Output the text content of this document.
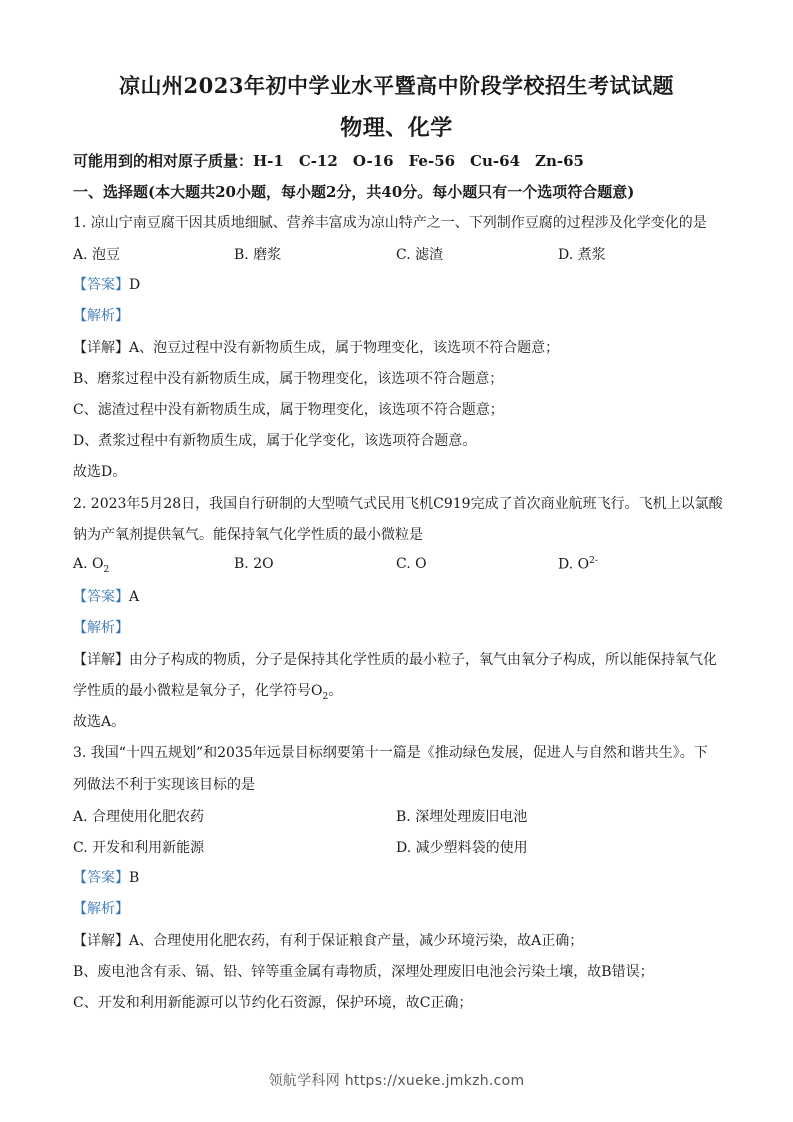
凉山州2023年初中学业水平暨高中阶段学校招生考试试题
物理、化学
可能用到的相对原子质量：H-1　C-12　O-16　Fe-56　Cu-64　Zn-65
一、选择题(本大题共20小题，每小题2分，共40分。每小题只有一个选项符合题意)
1. 凉山宁南豆腐干因其质地细腻、营养丰富成为凉山特产之一、下列制作豆腐的过程涉及化学变化的是
A. 泡豆	B. 磨浆	C. 滤渣	D. 煮浆
【答案】D
【解析】
【详解】A、泡豆过程中没有新物质生成，属于物理变化，该选项不符合题意；
B、磨浆过程中没有新物质生成，属于物理变化，该选项不符合题意；
C、滤渣过程中没有新物质生成，属于物理变化，该选项不符合题意；
D、煮浆过程中有新物质生成，属于化学变化，该选项符合题意。
故选D。
2. 2023年5月28日，我国自行研制的大型喷气式民用飞机C919完成了首次商业航班飞行。飞机上以氯酸
钠为产氧剂提供氧气。能保持氧气化学性质的最小微粒是
A. $O_2$	B. 2O	C. O	D. $O^{2-}$
【答案】A
【解析】
【详解】由分子构成的物质，分子是保持其化学性质的最小粒子，氧气由氧分子构成，所以能保持氧气化
学性质的最小微粒是氧分子，化学符号$O_2$。
故选A。
3. 我国“十四五规划”和2035年远景目标纲要第十一篇是《推动绿色发展，促进人与自然和谐共生》。下
列做法不利于实现该目标的是
A. 合理使用化肥农药	B. 深埋处理废旧电池
C. 开发和利用新能源	D. 减少塑料袋的使用
【答案】B
【解析】
【详解】A、合理使用化肥农药，有利于保证粮食产量，减少环境污染，故A正确；
B、废电池含有汞、镉、铅、锌等重金属有毒物质，深埋处理废旧电池会污染土壤，故B错误；
C、开发和利用新能源可以节约化石资源，保护环境，故C正确；
领航学科网 https://xueke.jmkzh.com
